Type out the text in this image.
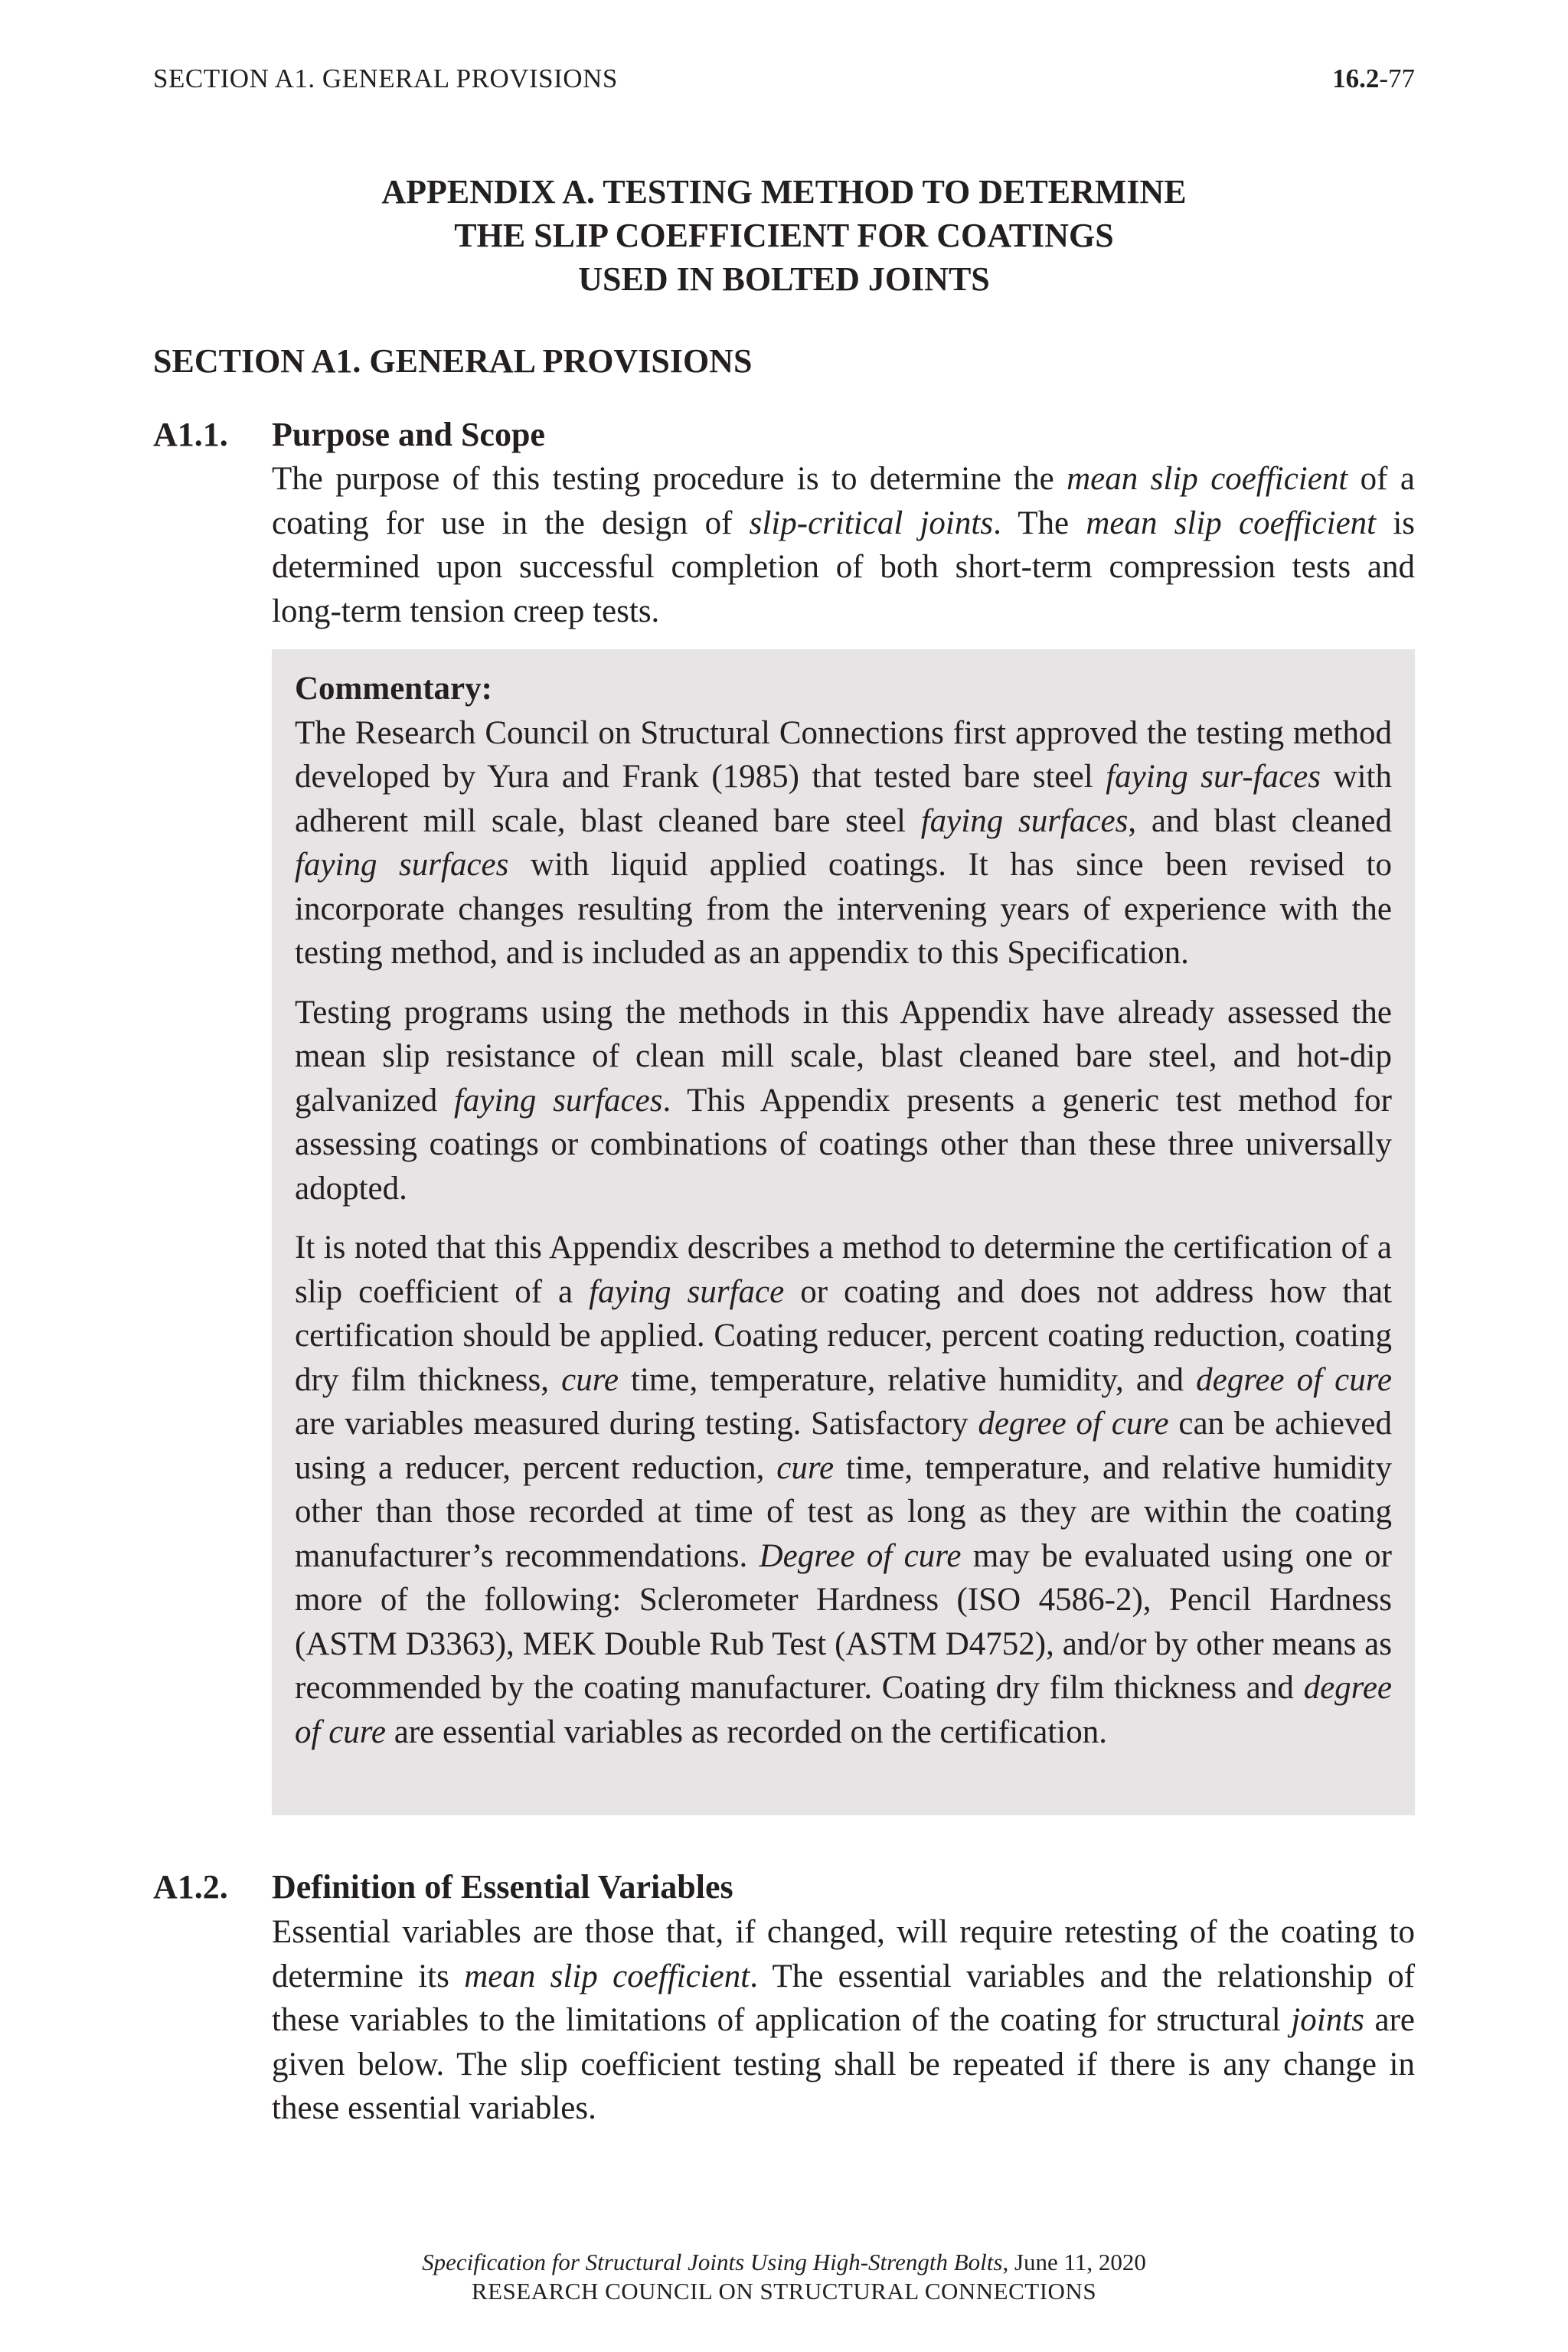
SECTION A1. GENERAL PROVISIONS	16.2-77
APPENDIX A. TESTING METHOD TO DETERMINE
THE SLIP COEFFICIENT FOR COATINGS
USED IN BOLTED JOINTS
SECTION A1. GENERAL PROVISIONS
A1.1. Purpose and Scope

The purpose of this testing procedure is to determine the mean slip coefficient of a coating for use in the design of slip-critical joints. The mean slip coefficient is determined upon successful completion of both short-term compression tests and long-term tension creep tests.

Commentary:

The Research Council on Structural Connections first approved the testing method developed by Yura and Frank (1985) that tested bare steel faying sur-faces with adherent mill scale, blast cleaned bare steel faying surfaces, and blast cleaned faying surfaces with liquid applied coatings. It has since been revised to incorporate changes resulting from the intervening years of experience with the testing method, and is included as an appendix to this Specification.

Testing programs using the methods in this Appendix have already assessed the mean slip resistance of clean mill scale, blast cleaned bare steel, and hot-dip galvanized faying surfaces. This Appendix presents a generic test method for assessing coatings or combinations of coatings other than these three universally adopted.

It is noted that this Appendix describes a method to determine the certification of a slip coefficient of a faying surface or coating and does not address how that certification should be applied. Coating reducer, percent coating reduction, coating dry film thickness, cure time, temperature, relative humidity, and degree of cure are variables measured during testing. Satisfactory degree of cure can be achieved using a reducer, percent reduction, cure time, temperature, and relative humidity other than those recorded at time of test as long as they are within the coating manufacturer’s recommendations. Degree of cure may be evaluated using one or more of the following: Sclerometer Hardness (ISO 4586-2), Pencil Hardness (ASTM D3363), MEK Double Rub Test (ASTM D4752), and/or by other means as recommended by the coating manufacturer. Coating dry film thickness and degree of cure are essential variables as recorded on the certification.

A1.2. Definition of Essential Variables

Essential variables are those that, if changed, will require retesting of the coating to determine its mean slip coefficient. The essential variables and the relationship of these variables to the limitations of application of the coating for structural joints are given below. The slip coefficient testing shall be repeated if there is any change in these essential variables.

Specification for Structural Joints Using High-Strength Bolts, June 11, 2020
RESEARCH COUNCIL ON STRUCTURAL CONNECTIONS
